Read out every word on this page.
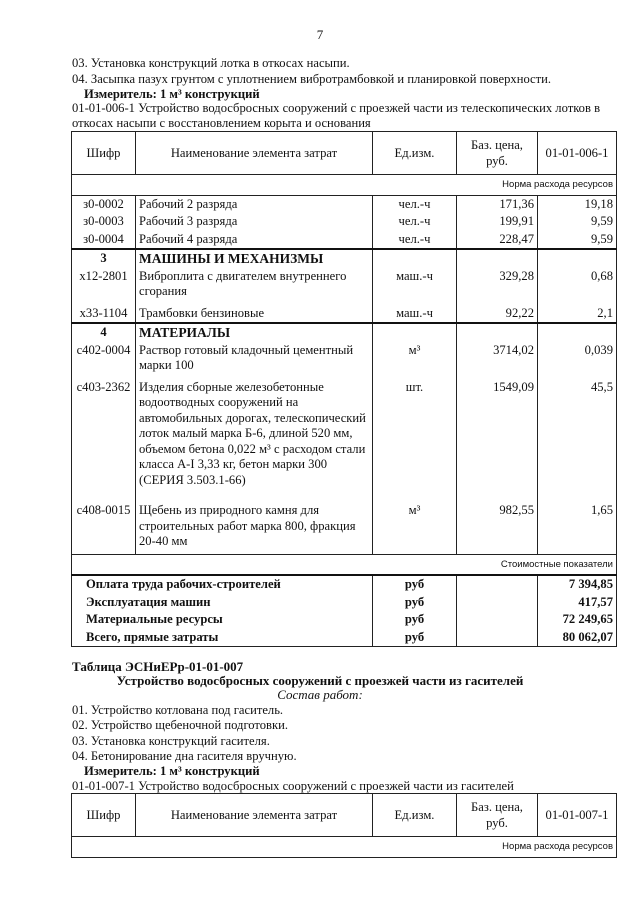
7
03. Установка конструкций лотка в откосах насыпи.
04. Засыпка пазух грунтом с уплотнением вибротрамбовкой и планировкой поверхности.
Измеритель: 1 м³ конструкций
01-01-006-1 Устройство водосбросных сооружений с проезжей части из телескопических лотков в
откосах насыпи с восстановлением корыта и основания
Шифр	Наименование элемента затрат	Ед.изм.	Баз. цена, руб.	01-01-006-1
Норма расхода ресурсов				
з0-0002	Рабочий 2 разряда	чел.-ч	171,36	19,18
з0-0003	Рабочий 3 разряда	чел.-ч	199,91	9,59
з0-0004	Рабочий 4 разряда	чел.-ч	228,47	9,59
3	МАШИНЫ И МЕХАНИЗМЫ			
х12-2801	Виброплита с двигателем внутреннего сгорания	маш.-ч	329,28	0,68
х33-1104	Трамбовки бензиновые	маш.-ч	92,22	2,1
4	МАТЕРИАЛЫ			
с402-0004	Раствор готовый кладочный цементный марки 100	м³	3714,02	0,039
с403-2362	Изделия сборные железобетонные водоотводных сооружений на автомобильных дорогах, телескопический лоток малый марка Б-6, длиной 520 мм, объемом бетона 0,022 м³ с расходом стали класса А-I 3,33 кг, бетон марки 300 (СЕРИЯ 3.503.1-66)	шт.	1549,09	45,5
с408-0015	Щебень из природного камня для строительных работ марка 800, фракция 20-40 мм	м³	982,55	1,65
Стоимостные показатели				
Оплата труда рабочих-строителей		руб		7 394,85
Эксплуатация машин		руб		417,57
Материальные ресурсы		руб		72 249,65
Всего, прямые затраты		руб		80 062,07
Таблица ЭСНиЕРр-01-01-007
Устройство водосбросных сооружений с проезжей части из гасителей
Состав работ:
01. Устройство котлована под гаситель.
02. Устройство щебеночной подготовки.
03. Установка конструкций гасителя.
04. Бетонирование дна гасителя вручную.
Измеритель: 1 м³ конструкций
01-01-007-1 Устройство водосбросных сооружений с проезжей части из гасителей
Шифр	Наименование элемента затрат	Ед.изм.	Баз. цена, руб.	01-01-007-1
Норма расхода ресурсов
